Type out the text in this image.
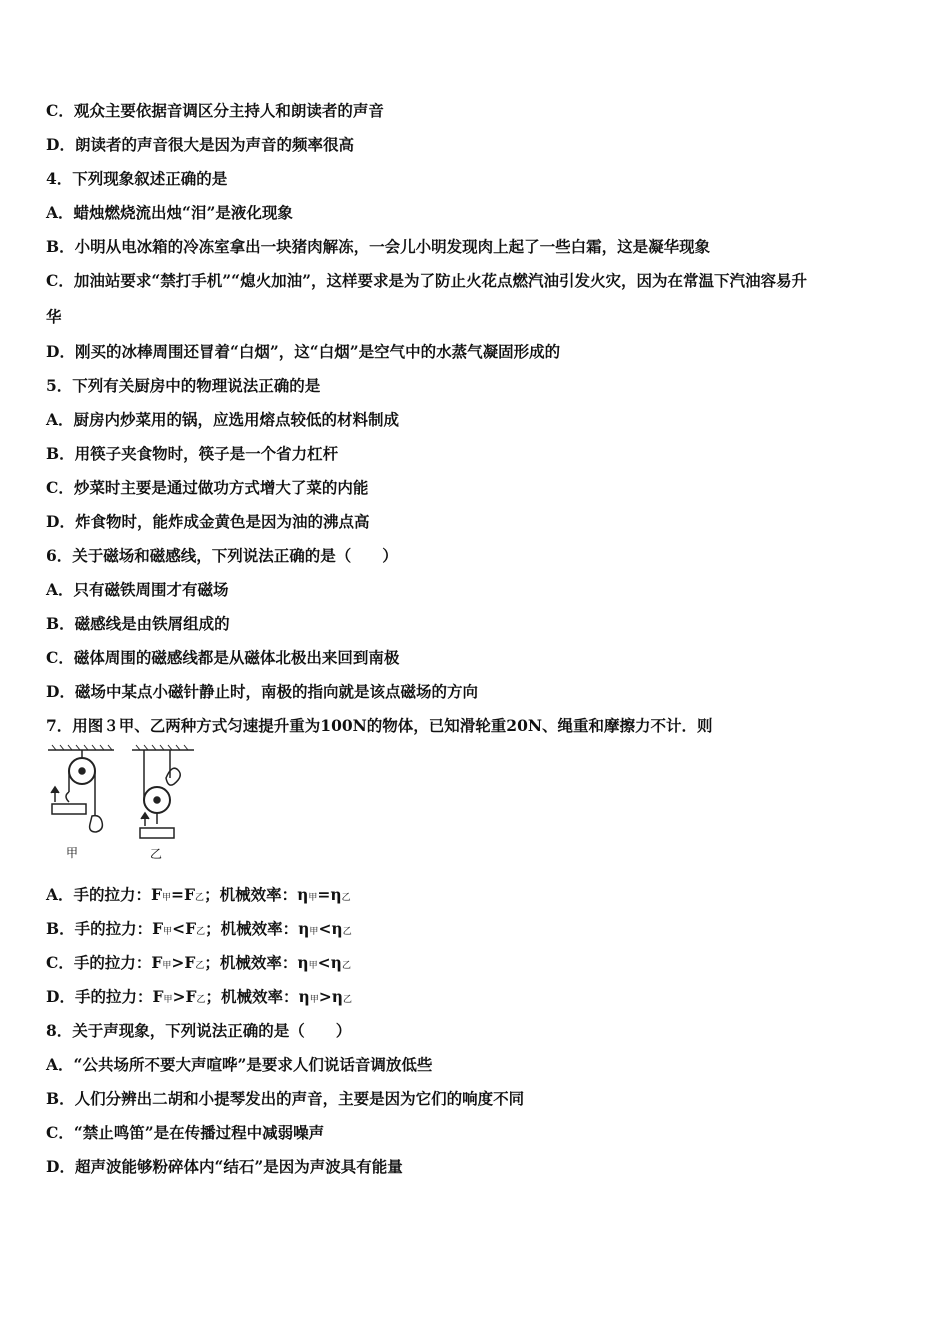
C．观众主要依据音调区分主持人和朗读者的声音
D．朗读者的声音很大是因为声音的频率很高
4．下列现象叙述正确的是
A．蜡烛燃烧流出烛“泪”是液化现象
B．小明从电冰箱的冷冻室拿出一块猪肉解冻，一会儿小明发现肉上起了一些白霜，这是凝华现象
C．加油站要求“禁打手机”“熄火加油”，这样要求是为了防止火花点燃汽油引发火灾，因为在常温下汽油容易升
华
D．刚买的冰棒周围还冒着“白烟”，这“白烟”是空气中的水蒸气凝固形成的
5．下列有关厨房中的物理说法正确的是
A．厨房内炒菜用的锅，应选用熔点较低的材料制成
B．用筷子夹食物时，筷子是一个省力杠杆
C．炒菜时主要是通过做功方式增大了菜的内能
D．炸食物时，能炸成金黄色是因为油的沸点高
6．关于磁场和磁感线，下列说法正确的是（　　）
A．只有磁铁周围才有磁场
B．磁感线是由铁屑组成的
C．磁体周围的磁感线都是从磁体北极出来回到南极
D．磁场中某点小磁针静止时，南极的指向就是该点磁场的方向
7．用图３甲、乙两种方式匀速提升重为100N的物体，已知滑轮重20N、绳重和摩擦力不计．则
甲	乙
A．手的拉力：F甲=F乙；机械效率：η甲=η乙
B．手的拉力：F甲<F乙；机械效率：η甲<η乙
C．手的拉力：F甲>F乙；机械效率：η甲<η乙
D．手的拉力：F甲>F乙；机械效率：η甲>η乙
8．关于声现象，下列说法正确的是（　　）
A．“公共场所不要大声喧哗”是要求人们说话音调放低些
B．人们分辨出二胡和小提琴发出的声音，主要是因为它们的响度不同
C．“禁止鸣笛”是在传播过程中减弱噪声
D．超声波能够粉碎体内“结石”是因为声波具有能量
